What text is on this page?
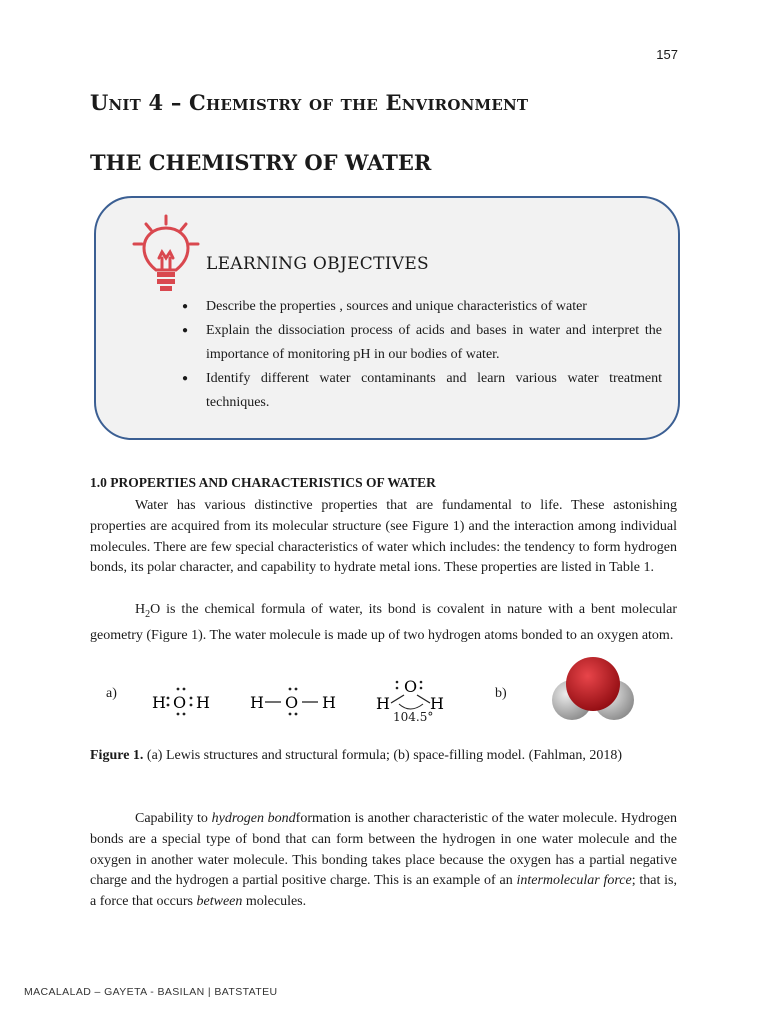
157
Unit 4 – Chemistry of the Environment
THE CHEMISTRY OF WATER
LEARNING OBJECTIVES
● Describe the properties , sources and unique characteristics of water
● Explain the dissociation process of acids and bases in water and interpret the importance of monitoring pH in our bodies of water.
● Identify different water contaminants and learn various water treatment techniques.
1.0 PROPERTIES AND CHARACTERISTICS OF WATER

Water has various distinctive properties that are fundamental to life. These astonishing properties are acquired from its molecular structure (see Figure 1) and the interaction among individual molecules. There are few special characteristics of water which includes: the tendency to form hydrogen bonds, its polar character, and capability to hydrate metal ions. These properties are listed in Table 1.

$H_2O$ is the chemical formula of water, its bond is covalent in nature with a bent molecular geometry (Figure 1). The water molecule is made up of two hydrogen atoms bonded to an oxygen atom.

a) H O H	H O H
O
H	H
104.5°
b)

Figure 1. (a) Lewis structures and structural formula; (b) space-filling model. (Fahlman, 2018)

Capability to hydrogen bondformation is another characteristic of the water molecule. Hydrogen bonds are a special type of bond that can form between the hydrogen in one water molecule and the oxygen in another water molecule. This bonding takes place because the oxygen has a partial negative charge and the hydrogen a partial positive charge. This is an example of an intermolecular force; that is, a force that occurs between molecules.

MACALALAD – GAYETA - BASILAN | BATSTATEU
